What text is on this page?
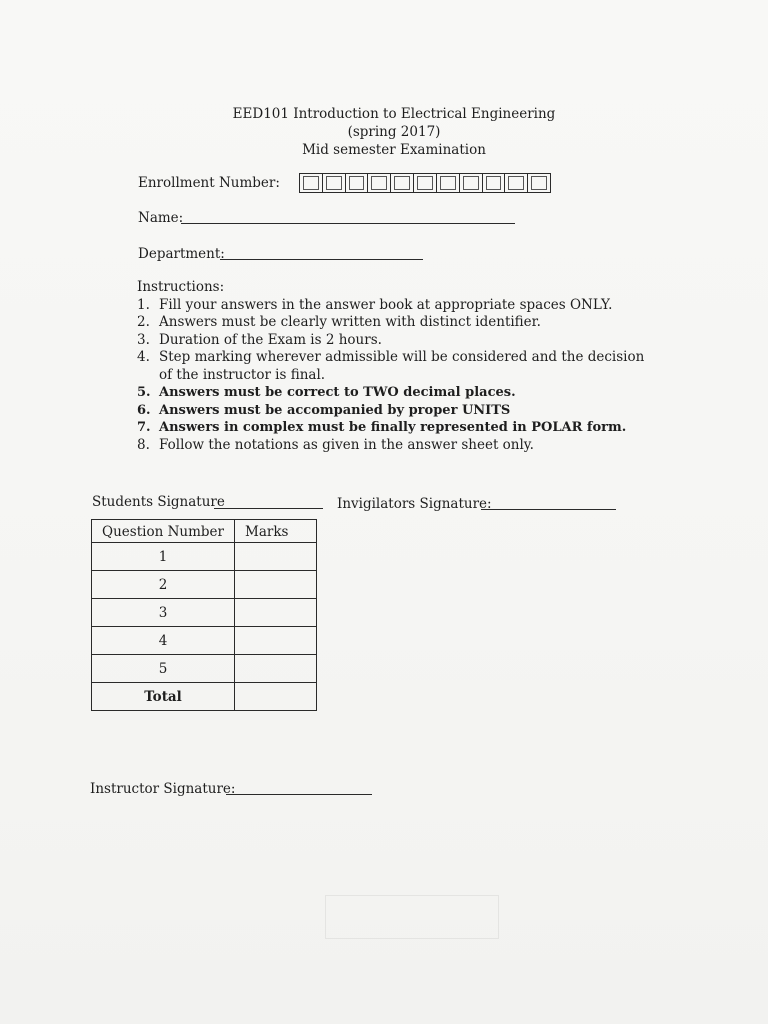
EED101 Introduction to Electrical Engineering
(spring 2017)
Mid semester Examination
Enrollment Number:
Name:
Department:
Instructions:
1. Fill your answers in the answer book at appropriate spaces ONLY.
2. Answers must be clearly written with distinct identifier.
3. Duration of the Exam is 2 hours.
4. Step marking wherever admissible will be considered and the decision of the instructor is final.
5. Answers must be correct to TWO decimal places.
6. Answers must be accompanied by proper UNITS
7. Answers in complex must be finally represented in POLAR form.
8. Follow the notations as given in the answer sheet only.
Students Signature	Invigilators Signature:
Question Number	Marks
1	
2	
3	
4	
5	
Total	
Instructor Signature:
